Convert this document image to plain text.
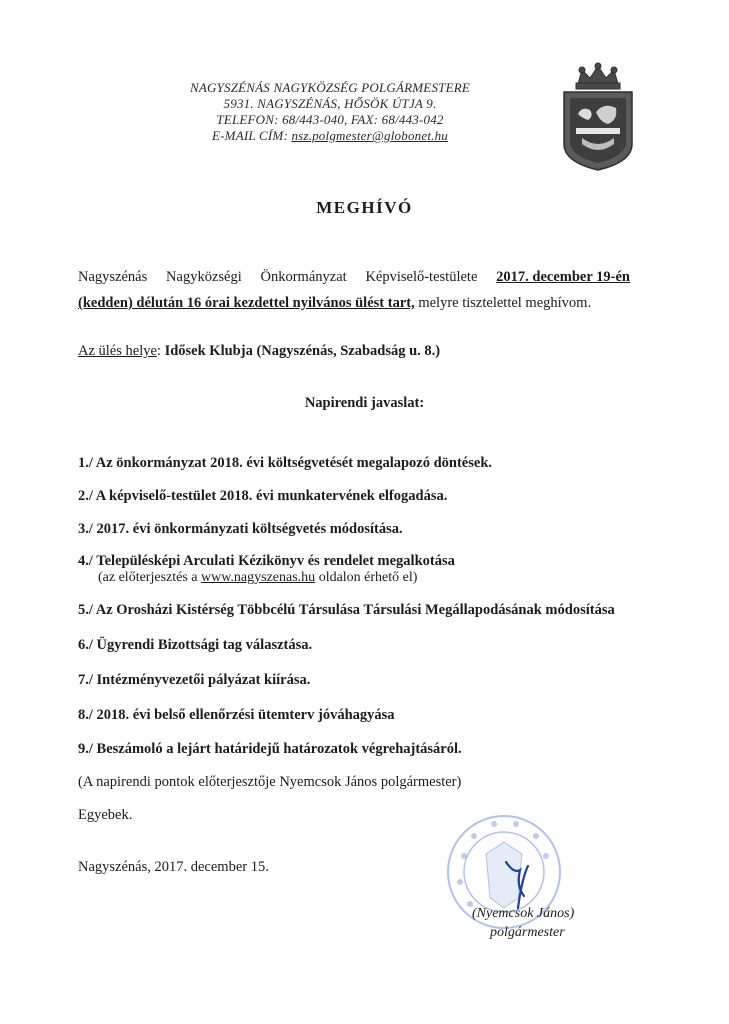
NAGYSZÉNÁS NAGYKÖZSÉG POLGÁRMESTERE
5931. NAGYSZÉNÁS, HŐSÖK ÚTJA 9.
TELEFON: 68/443-040, FAX: 68/443-042
E-MAIL CÍM: nsz.polgmester@globonet.hu
MEGHÍVÓ
Nagyszénás Nagyközségi Önkormányzat Képviselő-testülete 2017. december 19-én
(kedden) délután 16 órai kezdettel nyilvános ülést tart, melyre tisztelettel meghívom.
Az ülés helye: Idősek Klubja (Nagyszénás, Szabadság u. 8.)
Napirendi javaslat:
1./ Az önkormányzat 2018. évi költségvetését megalapozó döntések.
2./ A képviselő-testület 2018. évi munkatervének elfogadása.
3./ 2017. évi önkormányzati költségvetés módosítása.
4./ Településképi Arculati Kézikönyv és rendelet megalkotása
(az előterjesztés a www.nagyszenas.hu oldalon érhető el)
5./ Az Orosházi Kistérség Többcélú Társulása Társulási Megállapodásának módosítása
6./ Ügyrendi Bizottsági tag választása.
7./ Intézményvezetői pályázat kiírása.
8./ 2018. évi belső ellenőrzési ütemterv jóváhagyása
9./ Beszámoló a lejárt határidejű határozatok végrehajtásáról.
(A napirendi pontok előterjesztője Nyemcsok János polgármester)
Egyebek.
Nagyszénás, 2017. december 15.
(Nyemcsok János)
polgármester
